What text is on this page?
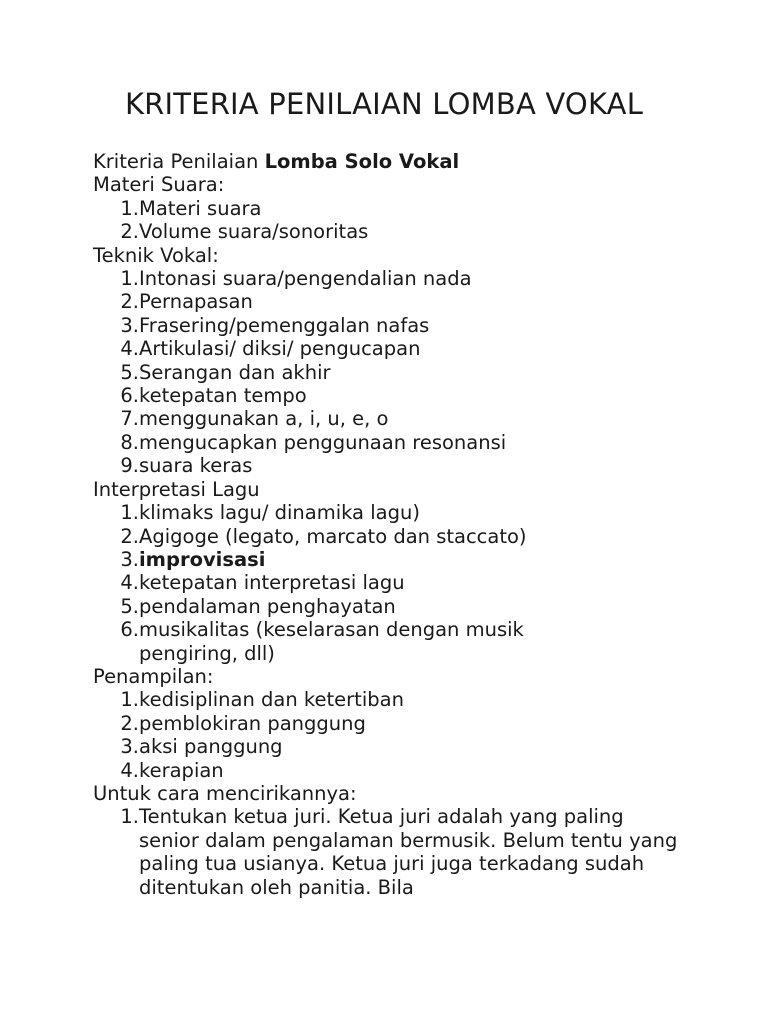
KRITERIA PENILAIAN LOMBA VOKAL

Kriteria Penilaian Lomba Solo Vokal

Materi Suara:

1. Materi suara
2. Volume suara/sonoritas

Teknik Vokal:

1. Intonasi suara/pengendalian nada
2. Pernapasan
3. Frasering/pemenggalan nafas
4. Artikulasi/ diksi/ pengucapan
5. Serangan dan akhir
6. ketepatan tempo
7. menggunakan a, i, u, e, o
8. mengucapkan penggunaan resonansi
9. suara keras

Interpretasi Lagu

1. klimaks lagu/ dinamika lagu)
2. Agigoge (legato, marcato dan staccato)
3. improvisasi
4. ketepatan interpretasi lagu
5. pendalaman penghayatan
6. musikalitas (keselarasan dengan musik pengiring, dll)

Penampilan:

1. kedisiplinan dan ketertiban
2. pemblokiran panggung
3. aksi panggung
4. kerapian

Untuk cara mencirikannya:

1. Tentukan ketua juri. Ketua juri adalah yang paling senior dalam pengalaman bermusik. Belum tentu yang paling tua usianya. Ketua juri juga terkadang sudah ditentukan oleh panitia. Bila
